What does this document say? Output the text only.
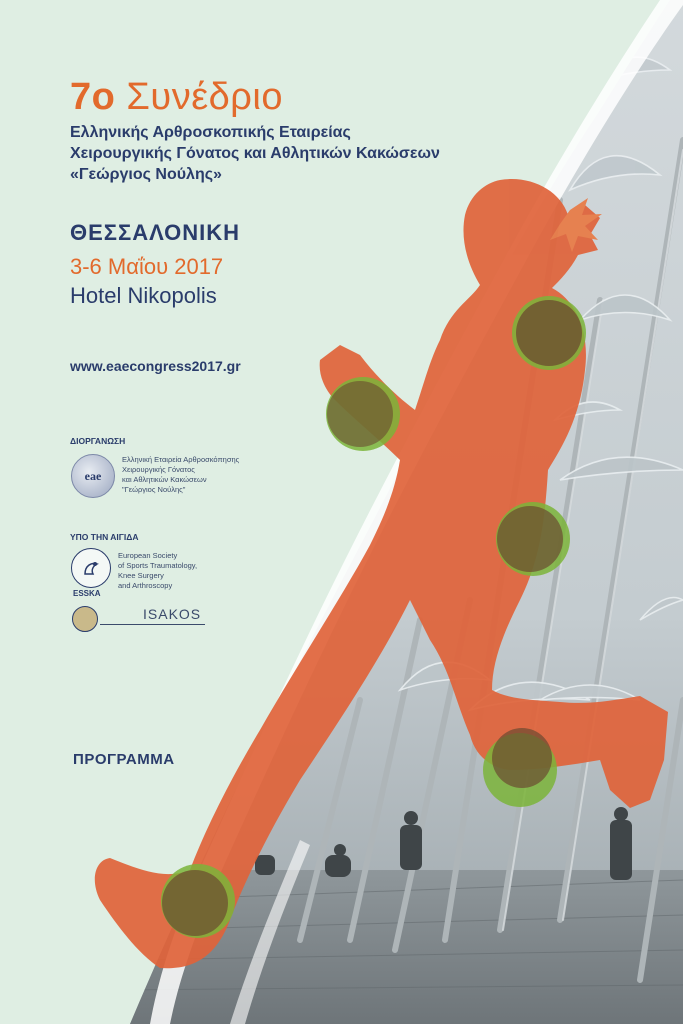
7ο Συνέδριο
Ελληνικής Αρθροσκοπικής Εταιρείας
Χειρουργικής Γόνατος και Αθλητικών Κακώσεων
«Γεώργιος Νούλης»
ΘΕΣΣΑΛΟΝΙΚΗ
3-6 Μαΐου 2017
Hotel Nikopolis
www.eaecongress2017.gr
ΔΙΟΡΓΑΝΩΣΗ
eae
Ελληνική Εταιρεία Αρθροσκόπησης
Χειρουργικής Γόνατος
και Αθλητικών Κακώσεων
"Γεώργιος Νούλης"
ΥΠΟ ΤΗΝ ΑΙΓΙΔΑ
ESSKA
European Society
of Sports Traumatology,
Knee Surgery
and Arthroscopy
ISAKOS
ΠΡΟΓΡΑΜΜΑ
